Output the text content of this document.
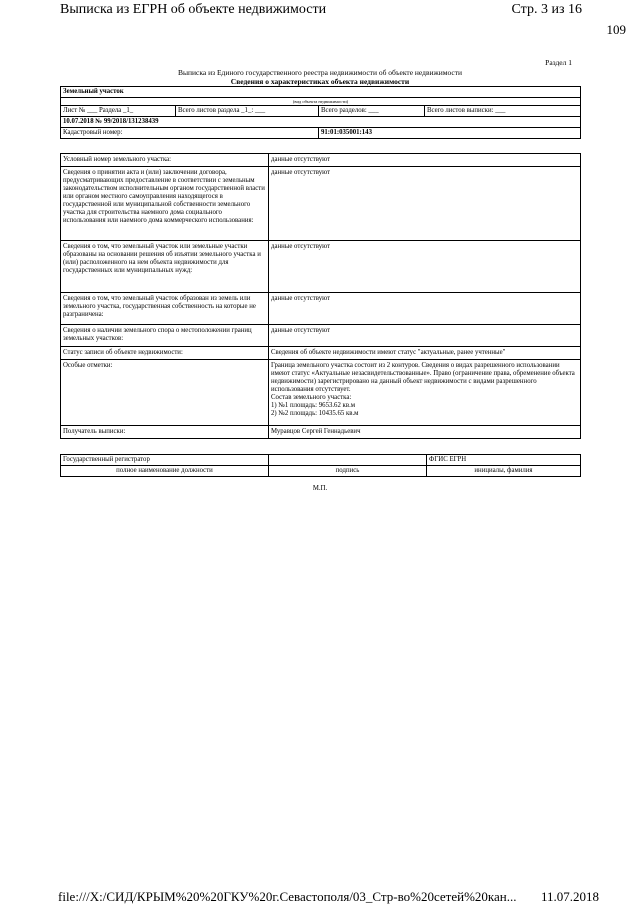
Выписка из ЕГРН об объекте недвижимости	Стр. 3 из 16
109
Раздел 1
Выписка из Единого государственного реестра недвижимости об объекте недвижимости
Сведения о характеристиках объекта недвижимости
Земельный участок			
(вид объекта недвижимости)			
Лист № ___ Раздела _1_	Всего листов раздела _1_: ___	Всего разделов: ___	Всего листов выписки: ___
10.07.2018 № 99/2018/131238439			
Кадастровый номер:		91:01:035001:143	
Условный номер земельного участка:	данные отсутствуют
Сведения о принятии акта и (или) заключении договора, предусматривающих предоставление в соответствии с земельным законодательством исполнительным органом государственной власти или органом местного самоуправления находящегося в государственной или муниципальной собственности земельного участка для строительства наемного дома социального использования или наемного дома коммерческого использования:	данные отсутствуют
Сведения о том, что земельный участок или земельные участки образованы на основании решения об изъятии земельного участка и (или) расположенного на нем объекта недвижимости для государственных или муниципальных нужд:	данные отсутствуют
Сведения о том, что земельный участок образован из земель или земельного участка, государственная собственность на которые не разграничена:	данные отсутствуют
Сведения о наличии земельного спора о местоположении границ земельных участков:	данные отсутствуют
Статус записи об объекте недвижимости:	Сведения об объекте недвижимости имеют статус "актуальные, ранее учтенные"
Особые отметки:	Граница земельного участка состоит из 2 контуров. Сведения о видах разрешенного использовании имеют статус «Актуальные незасвидетельствованные». Право (ограничение права, обременение объекта недвижимости) зарегистрировано на данный объект недвижимости с видами разрешенного использования отсутствует.
Состав земельного участка:
1) №1 площадь: 9653.62 кв.м
2) №2 площадь: 10435.65 кв.м

Получатель выписки:	Муравцов Сергей Геннадьевич
Государственный регистратор		ФГИС ЕГРН
полное наименование должности	подпись	инициалы, фамилия
М.П.
file:///X:/СИД/КРЫМ%20%20ГКУ%20г.Севастополя/03_Стр-во%20сетей%20кан... 11.07.2018
